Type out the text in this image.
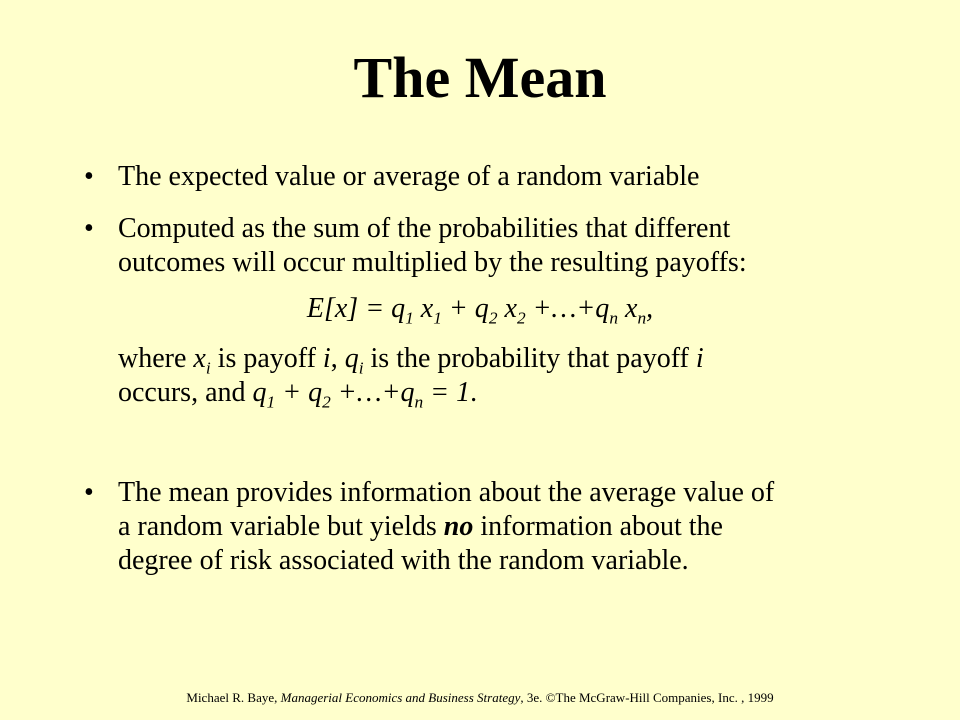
The Mean
• The expected value or average of a random variable
• Computed as the sum of the probabilities that different
outcomes will occur multiplied by the resulting payoffs:
$E[x] = q_1$ $x_1 + q_2$ $x_2$ $+\dots+q_n$ $x_n$,
where $x_i$ is payoff i, $q_i$ is the probability that payoff i
occurs, and $q_1 + q_2$ $+\dots+q_n = 1$.
• The mean provides information about the average value of
a random variable but yields no information about the
degree of risk associated with the random variable.
Michael R. Baye, Managerial Economics and Business Strategy, 3e. ©The McGraw-Hill Companies, Inc. , 1999
